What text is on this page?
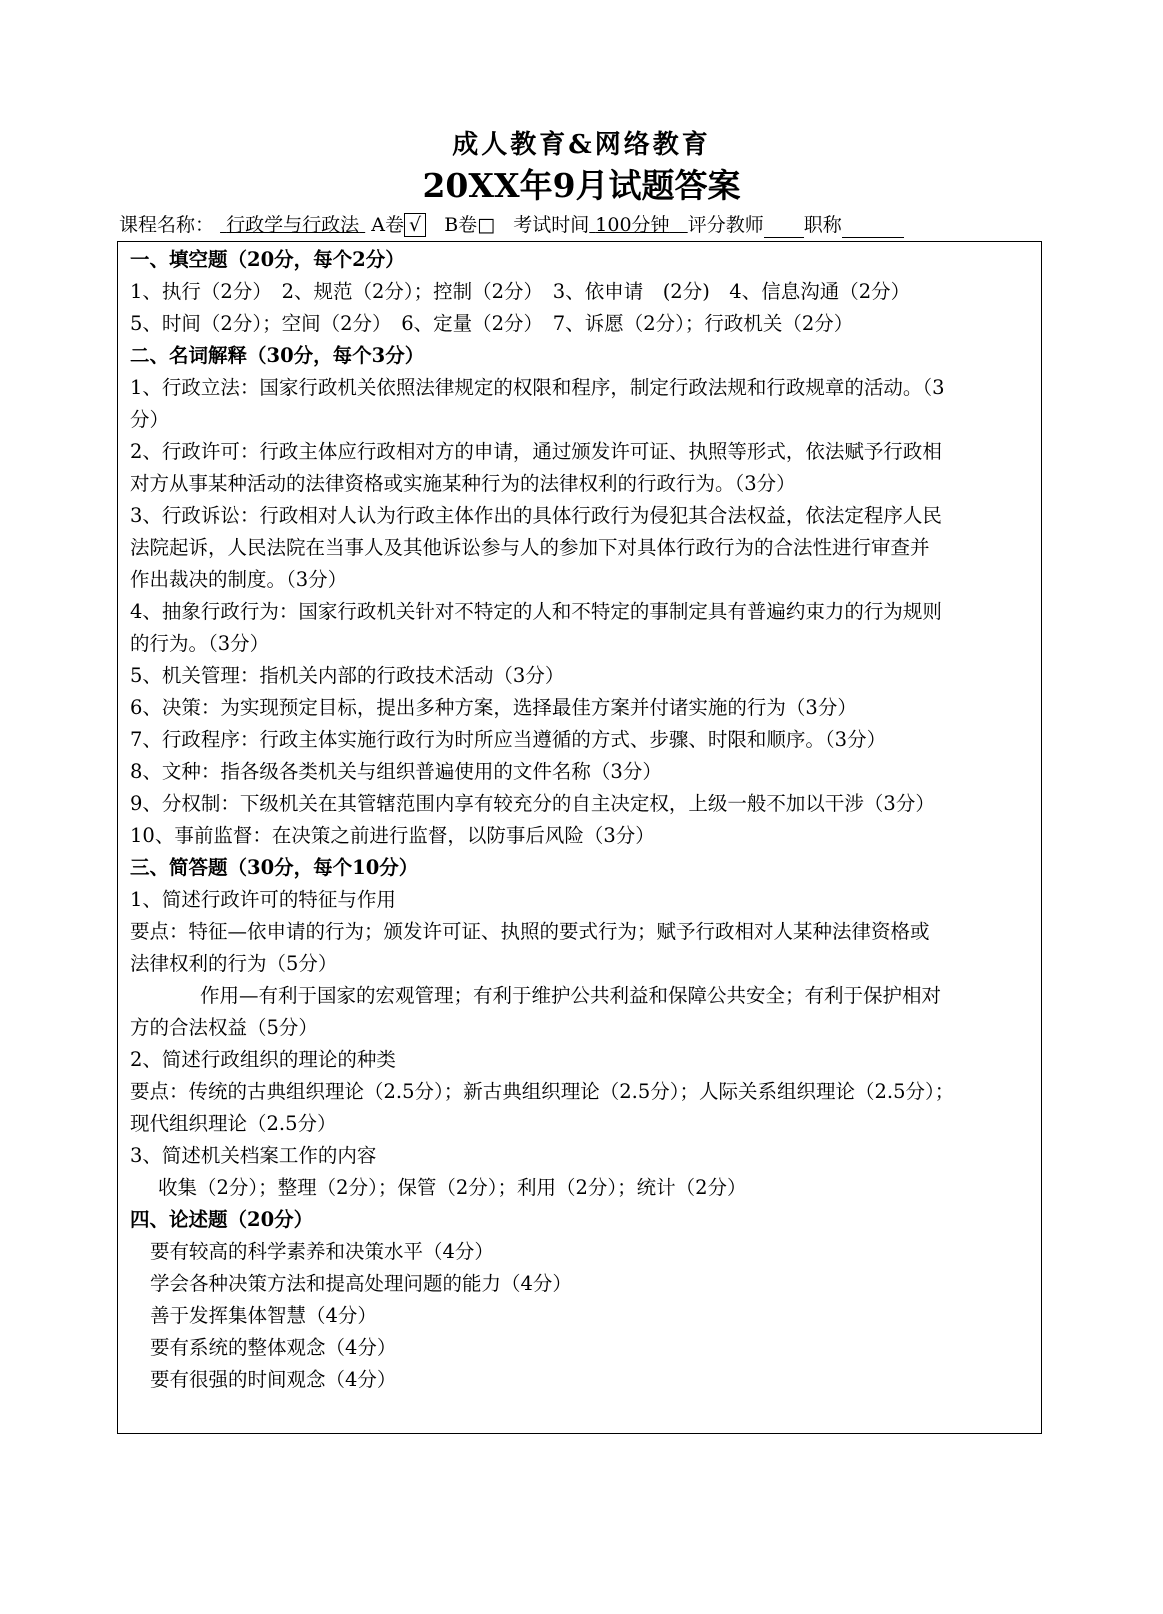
成人教育&网络教育
20XX年9月试题答案
课程名称： 行政学与行政法 A卷 √ B卷□ 考试时间 100分钟 评分教师 职称

一、填空题（20分，每个2分）

1、执行（2分）　2、规范（2分）；控制（2分）　3、依申请　(2分)　4、信息沟通（2分）

5、时间（2分）；空间（2分）　6、定量（2分）　7、诉愿（2分）；行政机关（2分）

二、名词解释（30分，每个3分）

1、行政立法：国家行政机关依照法律规定的权限和程序，制定行政法规和行政规章的活动。（3

分）

2、行政许可：行政主体应行政相对方的申请，通过颁发许可证、执照等形式，依法赋予行政相

对方从事某种活动的法律资格或实施某种行为的法律权利的行政行为。（3分）

3、行政诉讼：行政相对人认为行政主体作出的具体行政行为侵犯其合法权益，依法定程序人民

法院起诉，人民法院在当事人及其他诉讼参与人的参加下对具体行政行为的合法性进行审查并

作出裁决的制度。（3分）

4、抽象行政行为：国家行政机关针对不特定的人和不特定的事制定具有普遍约束力的行为规则

的行为。（3分）

5、机关管理：指机关内部的行政技术活动（3分）

6、决策：为实现预定目标，提出多种方案，选择最佳方案并付诸实施的行为（3分）

7、行政程序：行政主体实施行政行为时所应当遵循的方式、步骤、时限和顺序。（3分）

8、文种：指各级各类机关与组织普遍使用的文件名称（3分）

9、分权制：下级机关在其管辖范围内享有较充分的自主决定权，上级一般不加以干涉（3分）

10、事前监督：在决策之前进行监督，以防事后风险（3分）

三、简答题（30分，每个10分）

1、简述行政许可的特征与作用

要点：特征—依申请的行为；颁发许可证、执照的要式行为；赋予行政相对人某种法律资格或

法律权利的行为（5分）

作用—有利于国家的宏观管理；有利于维护公共利益和保障公共安全；有利于保护相对

方的合法权益（5分）

2、简述行政组织的理论的种类

要点：传统的古典组织理论（2.5分）；新古典组织理论（2.5分）；人际关系组织理论（2.5分）；

现代组织理论（2.5分）

3、简述机关档案工作的内容

收集（2分）；整理（2分）；保管（2分）；利用（2分）；统计（2分）

四、论述题（20分）

要有较高的科学素养和决策水平（4分）

学会各种决策方法和提高处理问题的能力（4分）

善于发挥集体智慧（4分）

要有系统的整体观念（4分）

要有很强的时间观念（4分）
